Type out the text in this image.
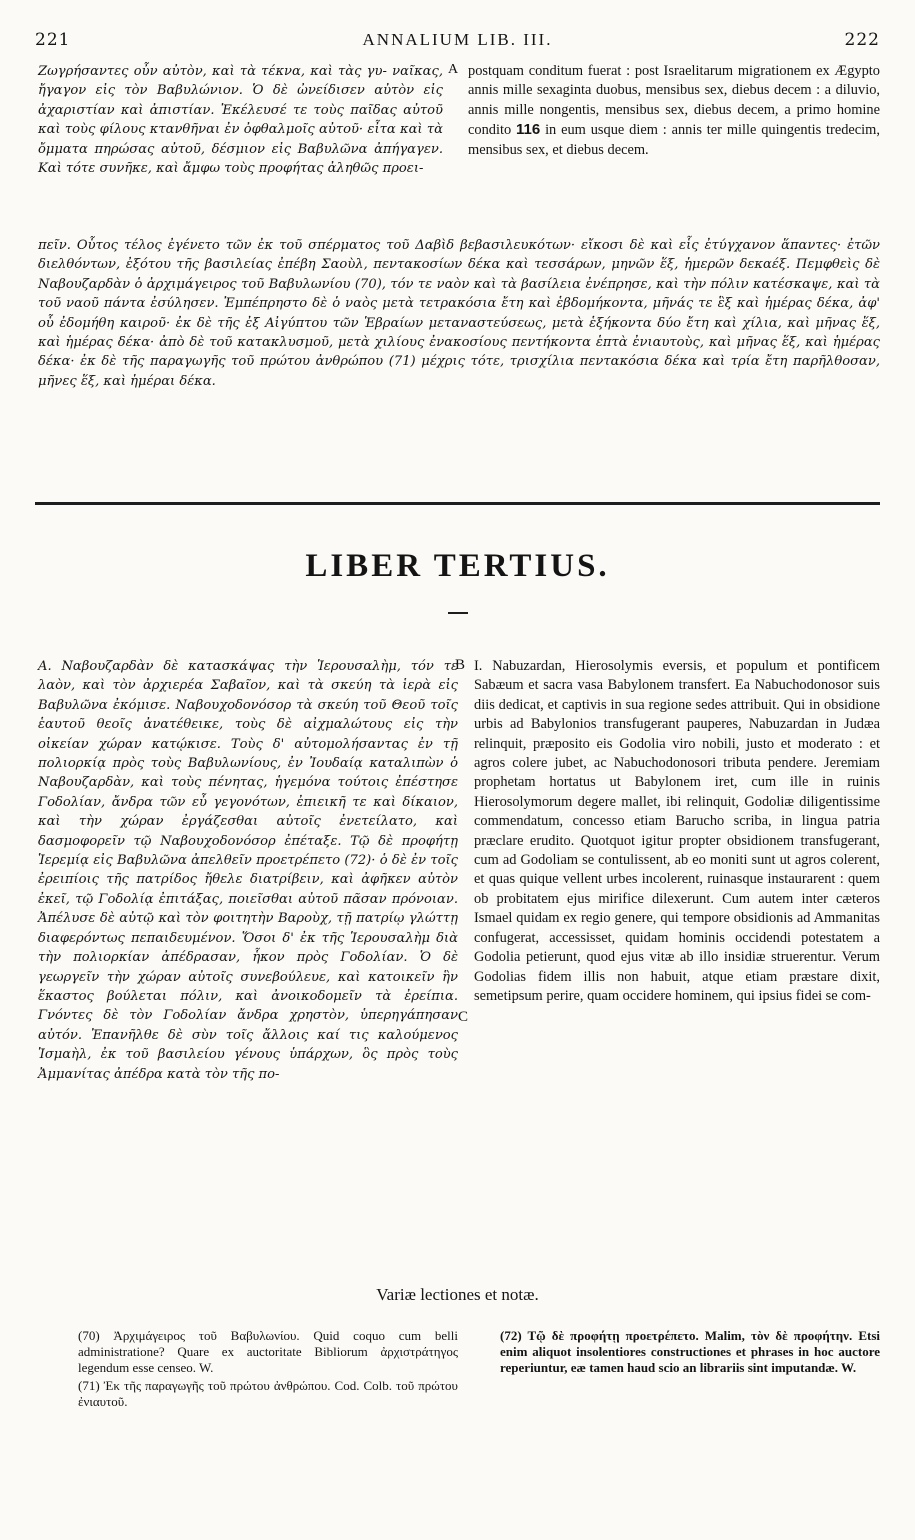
221	ANNALIUM LIB. III.	222
Ζωγρήσαντες οὖν αὐτὸν, καὶ τὰ τέκνα, καὶ τὰς γυ- ναῖκας, ἤγαγον εἰς τὸν Βαβυλώνιον. Ὁ δὲ ὠνείδισεν αὐτὸν εἰς ἀχαριστίαν καὶ ἀπιστίαν. Ἐκέλευσέ τε τοὺς παῖδας αὐτοῦ καὶ τοὺς φίλους κτανθῆναι ἐν ὀφθαλμοῖς αὐτοῦ· εἶτα καὶ τὰ ὄμματα πηρώσας αὐτοῦ, δέσμιον εἰς Βαβυλῶνα ἀπήγαγεν. Καὶ τότε συνῆκε, καὶ ἄμφω τοὺς προφήτας ἀληθῶς προει-
A postquam conditum fuerat : post Israelitarum migrationem ex Ægypto annis mille sexaginta duobus, mensibus sex, diebus decem : a diluvio, annis mille nongentis, mensibus sex, diebus decem, a primo homine condito 116 in eum usque diem : annis ter mille quingentis tredecim, mensibus sex, et diebus decem.
πεῖν. Οὗτος τέλος ἐγένετο τῶν ἐκ τοῦ σπέρματος τοῦ Δαβὶδ βεβασιλευκότων· εἴκοσι δὲ καὶ εἷς ἐτύγχανον ἅπαντες· ἐτῶν διελθόντων, ἐξότου τῆς βασιλείας ἐπέβη Σαοὺλ, πεντακοσίων δέκα καὶ τεσσάρων, μηνῶν ἕξ, ἡμερῶν δεκαέξ. Πεμφθεὶς δὲ Ναβουζαρδὰν ὁ ἀρχιμάγειρος τοῦ Βαβυλωνίου (70), τόν τε ναὸν καὶ τὰ βασίλεια ἐνέπρησε, καὶ τὴν πόλιν κατέσκαψε, καὶ τὰ τοῦ ναοῦ πάντα ἐσύλησεν. Ἐμπέπρηστο δὲ ὁ ναὸς μετὰ τετρακόσια ἔτη καὶ ἑβδομήκοντα, μῆνάς τε ἓξ καὶ ἡμέρας δέκα, ἀφ' οὗ ἐδομήθη καιροῦ· ἐκ δὲ τῆς ἐξ Αἰγύπτου τῶν Ἑβραίων μεταναστεύσεως, μετὰ ἑξήκοντα δύο ἔτη καὶ χίλια, καὶ μῆνας ἕξ, καὶ ἡμέρας δέκα· ἀπὸ δὲ τοῦ κατακλυσμοῦ, μετὰ χιλίους ἐνακοσίους πεντήκοντα ἑπτὰ ἐνιαυτοὺς, καὶ μῆνας ἕξ, καὶ ἡμέρας δέκα· ἐκ δὲ τῆς παραγωγῆς τοῦ πρώτου ἀνθρώπου (71) μέχρις τότε, τρισχίλια πεντακόσια δέκα καὶ τρία ἔτη παρῆλθοσαν, μῆνες ἕξ, καὶ ἡμέραι δέκα.
LIBER TERTIUS.
A. Ναβουζαρδὰν δὲ κατασκάψας τὴν Ἱερουσαλὴμ, τόν τε λαὸν, καὶ τὸν ἀρχιερέα Σαβαῖον, καὶ τὰ σκεύη τὰ ἱερὰ εἰς Βαβυλῶνα ἐκόμισε. Ναβουχοδονόσορ τὰ σκεύη τοῦ Θεοῦ τοῖς ἑαυτοῦ θεοῖς ἀνατέθεικε, τοὺς δὲ αἰχμαλώτους εἰς τὴν οἰκείαν χώραν κατῴκισε. Τοὺς δ' αὐτομολήσαντας ἐν τῇ πολιορκίᾳ πρὸς τοὺς Βαβυλωνίους, ἐν Ἰουδαίᾳ καταλιπὼν ὁ Ναβουζαρδὰν, καὶ τοὺς πένητας, ἡγεμόνα τούτοις ἐπέστησε Γοδολίαν, ἄνδρα τῶν εὖ γεγονότων, ἐπιεικῆ τε καὶ δίκαιον, καὶ τὴν χώραν ἐργάζεσθαι αὐτοῖς ἐνετείλατο, καὶ δασμοφορεῖν τῷ Ναβουχοδονόσορ ἐπέταξε. Τῷ δὲ προφήτῃ Ἱερεμίᾳ εἰς Βαβυλῶνα ἀπελθεῖν προετρέπετο (72)· ὁ δὲ ἐν τοῖς ἐρειπίοις τῆς πατρίδος ἤθελε διατρίβειν, καὶ ἀφῆκεν αὐτὸν ἐκεῖ, τῷ Γοδολίᾳ ἐπιτάξας, ποιεῖσθαι αὐτοῦ πᾶσαν πρόνοιαν. Ἀπέλυσε δὲ αὐτῷ καὶ τὸν φοιτητὴν Βαροὺχ, τῇ πατρίῳ γλώττῃ διαφερόντως πεπαιδευμένον. Ὅσοι δ' ἐκ τῆς Ἱερουσαλὴμ διὰ τὴν πολιορκίαν ἀπέδρασαν, ἧκον πρὸς Γοδολίαν. Ὁ δὲ γεωργεῖν τὴν χώραν αὐτοῖς συνεβούλευε, καὶ κατοικεῖν ἣν ἕκαστος βούλεται πόλιν, καὶ ἀνοικοδομεῖν τὰ ἐρείπια. Γνόντες δὲ τὸν Γοδολίαν ἄνδρα χρηστὸν, ὑπερηγάπησαν αὐτόν. Ἐπανῆλθε δὲ σὺν τοῖς ἄλλοις καί τις καλούμενος Ἰσμαὴλ, ἐκ τοῦ βασιλείου γένους ὑπάρχων, ὃς πρὸς τοὺς Ἀμμανίτας ἀπέδρα κατὰ τὸν τῆς πο-
B
C
I. Nabuzardan, Hierosolymis eversis, et populum et pontificem Sabæum et sacra vasa Babylonem transfert. Ea Nabuchodonosor suis diis dedicat, et captivis in sua regione sedes attribuit. Qui in obsidione urbis ad Babylonios transfugerant pauperes, Nabuzardan in Judæa relinquit, præposito eis Godolia viro nobili, justo et moderato : et agros colere jubet, ac Nabuchodonosori tributa pendere. Jeremiam prophetam hortatus ut Babylonem iret, cum ille in ruinis Hierosolymorum degere mallet, ibi relinquit, Godoliæ diligentissime commendatum, concesso etiam Barucho scriba, in lingua patria præclare erudito. Quotquot igitur propter obsidionem transfugerant, cum ad Godoliam se contulissent, ab eo moniti sunt ut agros colerent, et quas quique vellent urbes incolerent, ruinasque instaurarent : quem ob probitatem ejus mirifice dilexerunt. Cum autem inter cæteros Ismael quidam ex regio genere, qui tempore obsidionis ad Ammanitas confugerat, accessisset, quidam hominis occidendi potestatem a Godolia petierunt, quod ejus vitæ ab illo insidiæ struerentur. Verum Godolias fidem illis non habuit, atque etiam præstare dixit, semetipsum perire, quam occidere hominem, qui ipsius fidei se com-
Variæ lectiones et notæ.

(70) Ἀρχιμάγειρος τοῦ Βαβυλωνίου. Quid coquo cum belli administratione? Quare ex auctoritate Bibliorum ἀρχιστράτηγος legendum esse censeo. W.

(71) Ἐκ τῆς παραγωγῆς τοῦ πρώτου ἀνθρώπου. Cod. Colb. τοῦ πρώτου ἐνιαυτοῦ.

(72) Τῷ δὲ προφήτῃ προετρέπετο. Malim, τὸν δὲ προφήτην. Etsi enim aliquot insolentiores constructiones et phrases in hoc auctore reperiuntur, eæ tamen haud scio an librariis sint imputandæ. W.
